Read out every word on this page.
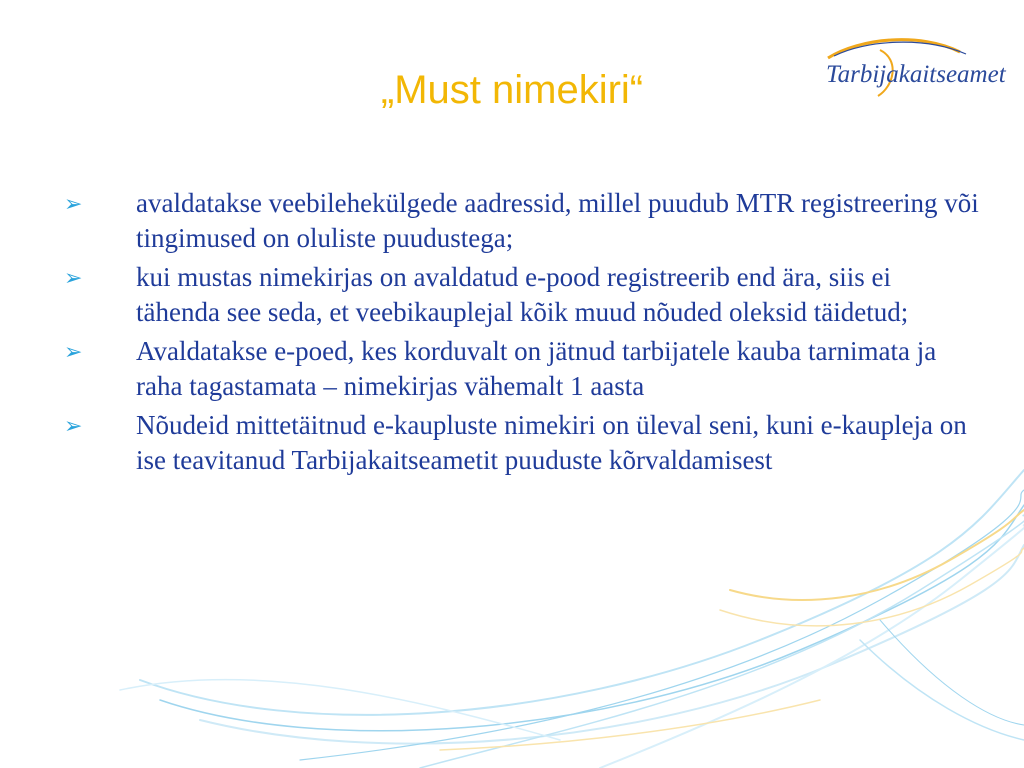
Tarbijakaitseamet
„Must nimekiri“
➢ avaldatakse veebilehekülgede aadressid, millel puudub MTR registreering või tingimused on oluliste puudustega;
➢ kui mustas nimekirjas on avaldatud e-pood registreerib end ära, siis ei tähenda see seda, et veebikauplejal kõik muud nõuded oleksid täidetud;
➢ Avaldatakse e-poed, kes korduvalt on jätnud tarbijatele kauba tarnimata ja raha tagastamata – nimekirjas vähemalt 1 aasta
➢ Nõudeid mittetäitnud e-kaupluste nimekiri on üleval seni, kuni e-kaupleja on ise teavitanud Tarbijakaitseametit puuduste kõrvaldamisest
